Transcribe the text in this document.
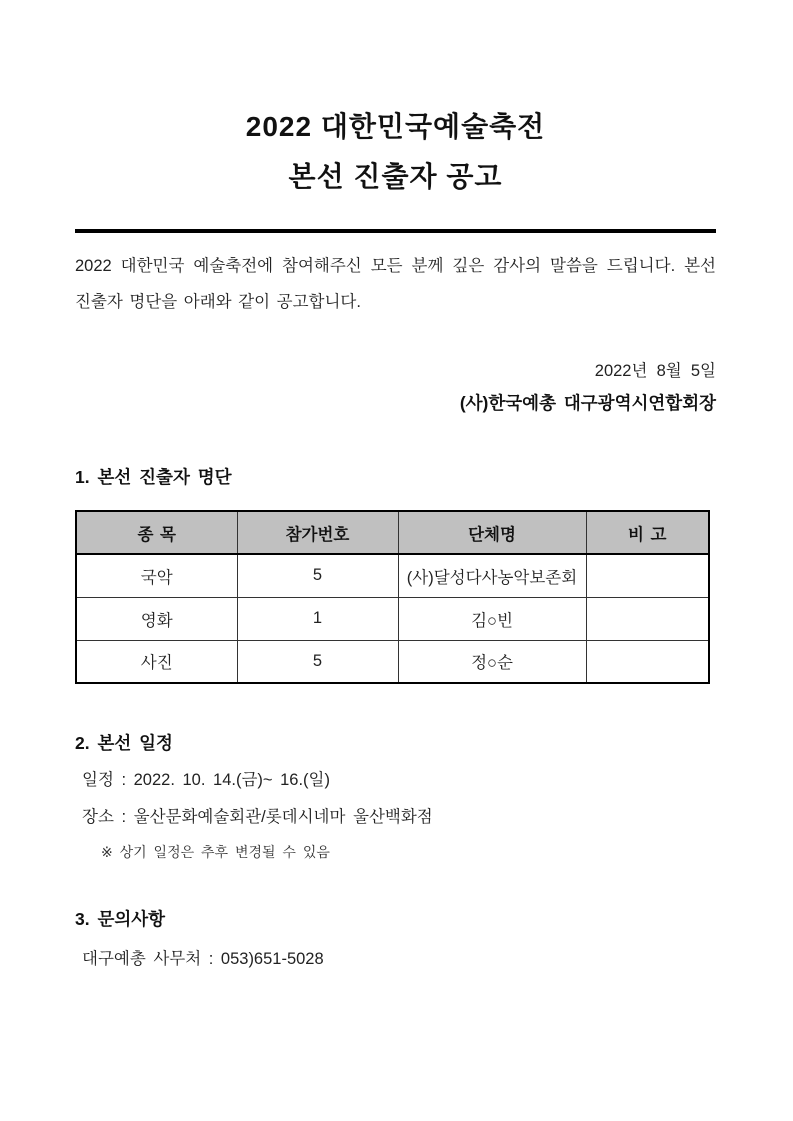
2022 대한민국예술축전
본선 진출자 공고
2022 대한민국 예술축전에 참여해주신 모든 분께 깊은 감사의 말씀을 드립니다. 본선
진출자 명단을 아래와 같이 공고합니다.
2022년  8월  5일
(사)한국예총 대구광역시연합회장
1. 본선 진출자 명단
종 목	참가번호	단체명	비 고
국악	5	(사)달성다사농악보존회	
영화	1	김○빈	
사진	5	정○순	
2. 본선 일정
일정 : 2022. 10. 14.(금)~ 16.(일)
장소 : 울산문화예술회관/롯데시네마 울산백화점
※ 상기 일정은 추후 변경될 수 있음
3. 문의사항
대구예총 사무처 : 053)651-5028
